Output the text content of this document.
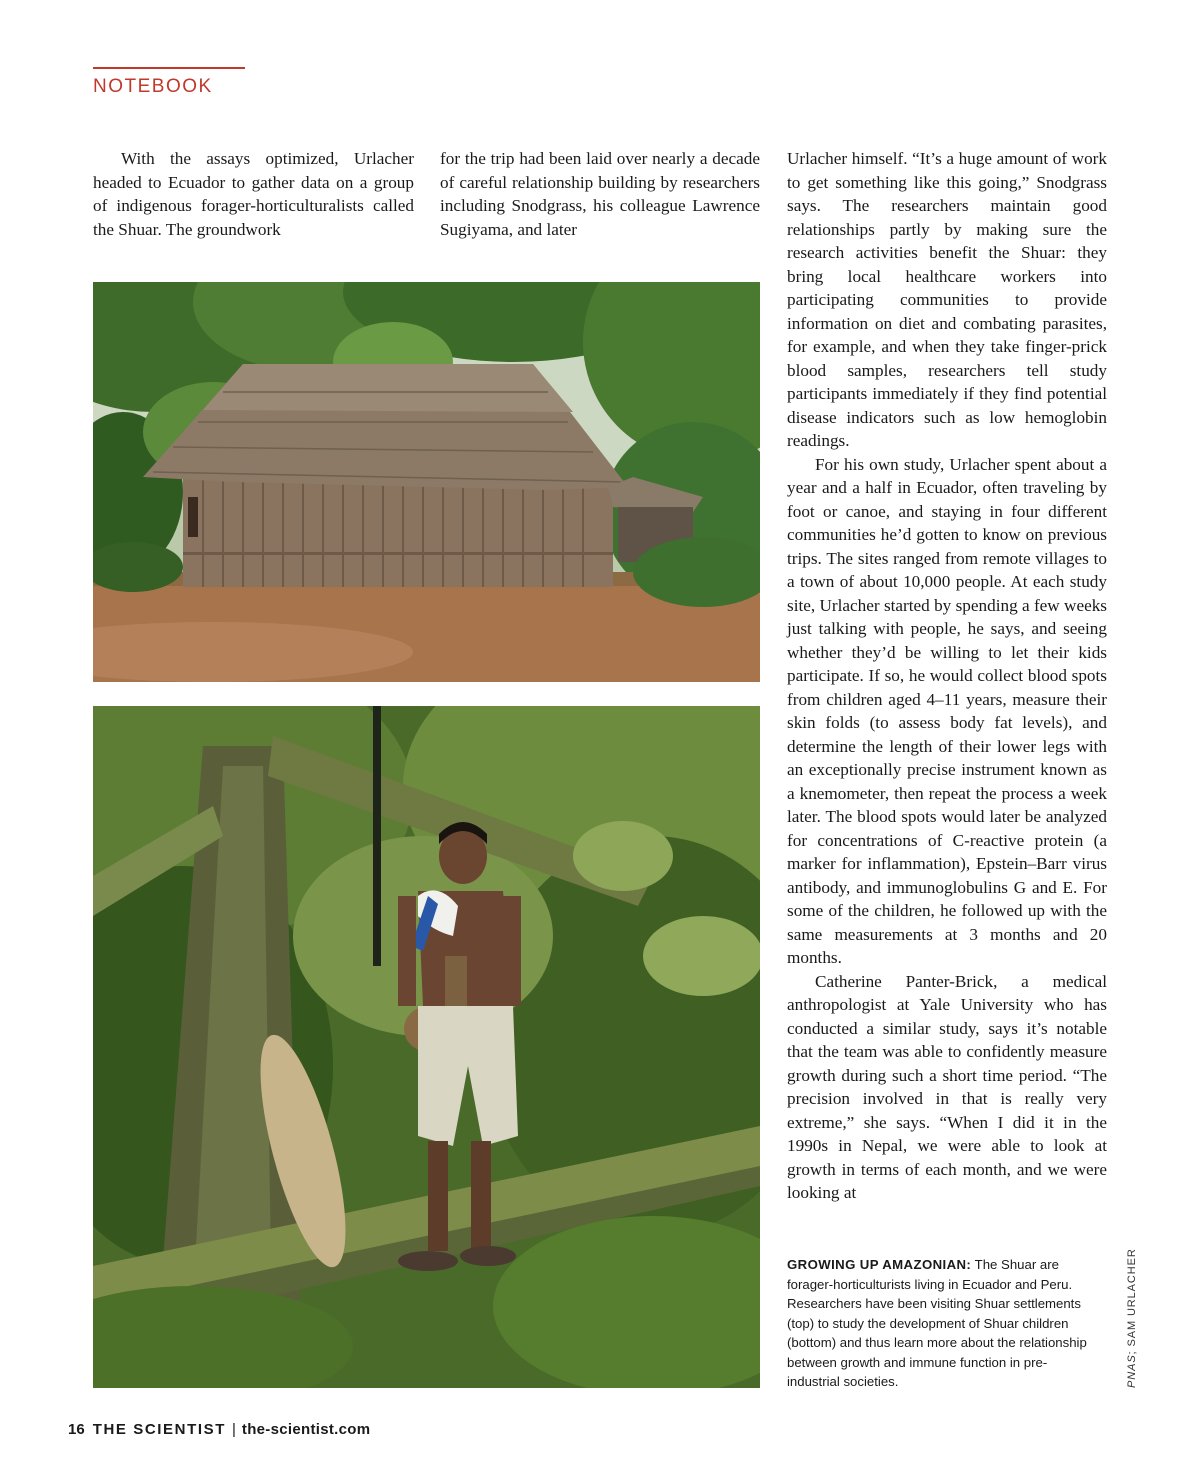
NOTEBOOK

With the assays optimized, Urlacher headed to Ecuador to gather data on a group of indigenous forager-horticulturalists called the Shuar. The groundwork

for the trip had been laid over nearly a decade of careful relationship building by researchers including Snodgrass, his colleague Lawrence Sugiyama, and later

Urlacher himself. “It’s a huge amount of work to get something like this going,” Snodgrass says. The researchers maintain good relationships partly by making sure the research activities benefit the Shuar: they bring local healthcare workers into participating communities to provide information on diet and combating parasites, for example, and when they take finger-prick blood samples, researchers tell study participants immediately if they find potential disease indicators such as low hemoglobin readings.

For his own study, Urlacher spent about a year and a half in Ecuador, often traveling by foot or canoe, and staying in four different communities he’d gotten to know on previous trips. The sites ranged from remote villages to a town of about 10,000 people. At each study site, Urlacher started by spending a few weeks just talking with people, he says, and seeing whether they’d be willing to let their kids participate. If so, he would collect blood spots from children aged 4–11 years, measure their skin folds (to assess body fat levels), and determine the length of their lower legs with an exceptionally precise instrument known as a knemometer, then repeat the process a week later. The blood spots would later be analyzed for concentrations of C-reactive protein (a marker for inflammation), Epstein–Barr virus antibody, and immunoglobulins G and E. For some of the children, he followed up with the same measurements at 3 months and 20 months.

Catherine Panter-Brick, a medical anthropologist at Yale University who has conducted a similar study, says it’s notable that the team was able to confidently measure growth during such a short time period. “The precision involved in that is really very extreme,” she says. “When I did it in the 1990s in Nepal, we were able to look at growth in terms of each month, and we were looking at

GROWING UP AMAZONIAN: The Shuar are forager-horticulturists living in Ecuador and Peru. Researchers have been visiting Shuar settlements (top) to study the development of Shuar children (bottom) and thus learn more about the relationship between growth and immune function in pre-industrial societies.	PNAS; SAM URLACHER
16 THE SCIENTIST | the-scientist.com
